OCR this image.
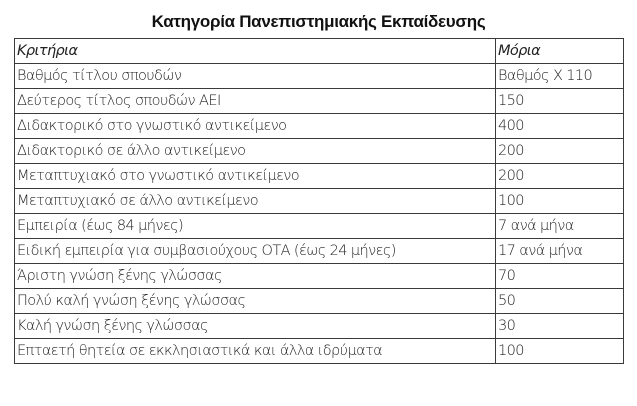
Κατηγορία Πανεπιστημιακής Εκπαίδευσης
Κριτήρια	Μόρια
Βαθμός τίτλου σπουδών	Βαθμός Χ 110
Δεύτερος τίτλος σπουδών ΑΕΙ	150
Διδακτορικό στο γνωστικό αντικείμενο	400
Διδακτορικό σε άλλο αντικείμενο	200
Μεταπτυχιακό στο γνωστικό αντικείμενο	200
Μεταπτυχιακό σε άλλο αντικείμενο	100
Εμπειρία (έως 84 μήνες)	7 ανά μήνα
Ειδική εμπειρία για συμβασιούχους ΟΤΑ (έως 24 μήνες)	17 ανά μήνα
Άριστη γνώση ξένης γλώσσας	70
Πολύ καλή γνώση ξένης γλώσσας	50
Καλή γνώση ξένης γλώσσας	30
Επταετή θητεία σε εκκλησιαστικά και άλλα ιδρύματα	100
